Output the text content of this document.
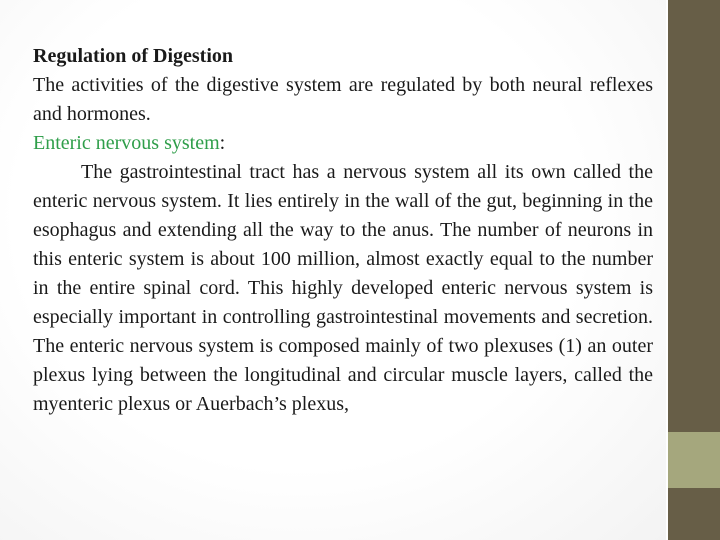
Regulation of Digestion

The activities of the digestive system are regulated by both neural reflexes and hormones.

Enteric nervous system:

The gastrointestinal tract has a nervous system all its own called the enteric nervous system. It lies entirely in the wall of the gut, beginning in the esophagus and extending all the way to the anus. The number of neurons in this enteric system is about 100 million, almost exactly equal to the number in the entire spinal cord. This highly developed enteric nervous system is especially important in controlling gastrointestinal movements and secretion. The enteric nervous system is composed mainly of two plexuses (1) an outer plexus lying between the longitudinal and circular muscle layers, called the myenteric plexus or Auerbach’s plexus,
